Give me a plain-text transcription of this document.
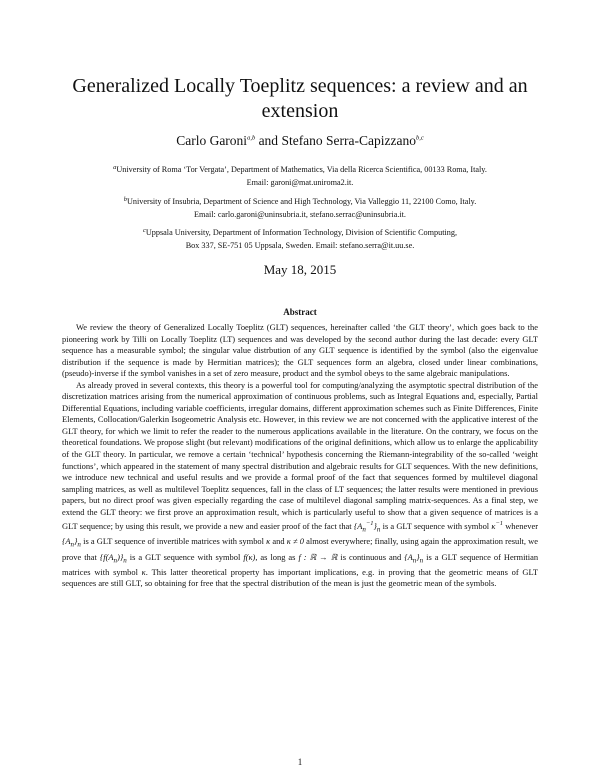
Generalized Locally Toeplitz sequences: a review and an extension
Carlo Garoni$^{a,b}$ and Stefano Serra-Capizzano$^{b,c}$
$^a$University of Roma ‘Tor Vergata’, Department of Mathematics, Via della Ricerca Scientifica, 00133 Roma, Italy.
Email: garoni@mat.uniroma2.it.
$^b$University of Insubria, Department of Science and High Technology, Via Valleggio 11, 22100 Como, Italy.
Email: carlo.garoni@uninsubria.it, stefano.serrac@uninsubria.it.
$^c$Uppsala University, Department of Information Technology, Division of Scientific Computing,
Box 337, SE-751 05 Uppsala, Sweden. Email: stefano.serra@it.uu.se.
May 18, 2015
Abstract

We review the theory of Generalized Locally Toeplitz (GLT) sequences, hereinafter called ‘the GLT theory’, which goes back to the pioneering work by Tilli on Locally Toeplitz (LT) sequences and was developed by the second author during the last decade: every GLT sequence has a measurable symbol; the singular value distrbution of any GLT sequence is identified by the symbol (also the eigenvalue distribution if the sequence is made by Hermitian matrices); the GLT sequences form an algebra, closed under linear combinations, (pseudo)-inverse if the symbol vanishes in a set of zero measure, product and the symbol obeys to the same algebraic manipulations.

As already proved in several contexts, this theory is a powerful tool for computing/analyzing the asymptotic spectral distribution of the discretization matrices arising from the numerical approximation of continuous problems, such as Integral Equations and, especially, Partial Differential Equations, including variable coefficients, irregular domains, different approximation schemes such as Finite Differences, Finite Elements, Collocation/Galerkin Isogeometric Analysis etc. However, in this review we are not concerned with the applicative interest of the GLT theory, for which we limit to refer the reader to the numerous applications available in the literature. On the contrary, we focus on the theoretical foundations. We propose slight (but relevant) modifications of the original definitions, which allow us to enlarge the applicability of the GLT theory. In particular, we remove a certain ‘technical’ hypothesis concerning the Riemann-integrability of the so-called ‘weight functions’, which appeared in the statement of many spectral distribution and algebraic results for GLT sequences. With the new definitions, we introduce new technical and useful results and we provide a formal proof of the fact that sequences formed by multilevel diagonal sampling matrices, as well as multilevel Toeplitz sequences, fall in the class of LT sequences; the latter results were mentioned in previous papers, but no direct proof was given especially regarding the case of multilevel diagonal sampling matrix-sequences. As a final step, we extend the GLT theory: we first prove an approximation result, which is particularly useful to show that a given sequence of matrices is a GLT sequence; by using this result, we provide a new and easier proof of the fact that $\{A_n^{-1}\}_n$ is a GLT sequence with symbol $\kappa^{-1}$ whenever $\{A_n\}_n$ is a GLT sequence of invertible matrices with symbol κ and κ ≠ 0 almost everywhere; finally, using again the approximation result, we prove that $\{f(A_n)\}_n$ is a GLT sequence with symbol f(κ), as long as f : ℝ → ℝ is continuous and $\{A_n\}_n$ is a GLT sequence of Hermitian matrices with symbol κ. This latter theoretical property has important implications, e.g. in proving that the geometric means of GLT sequences are still GLT, so obtaining for free that the spectral distribution of the mean is just the geometric mean of the symbols.

1
